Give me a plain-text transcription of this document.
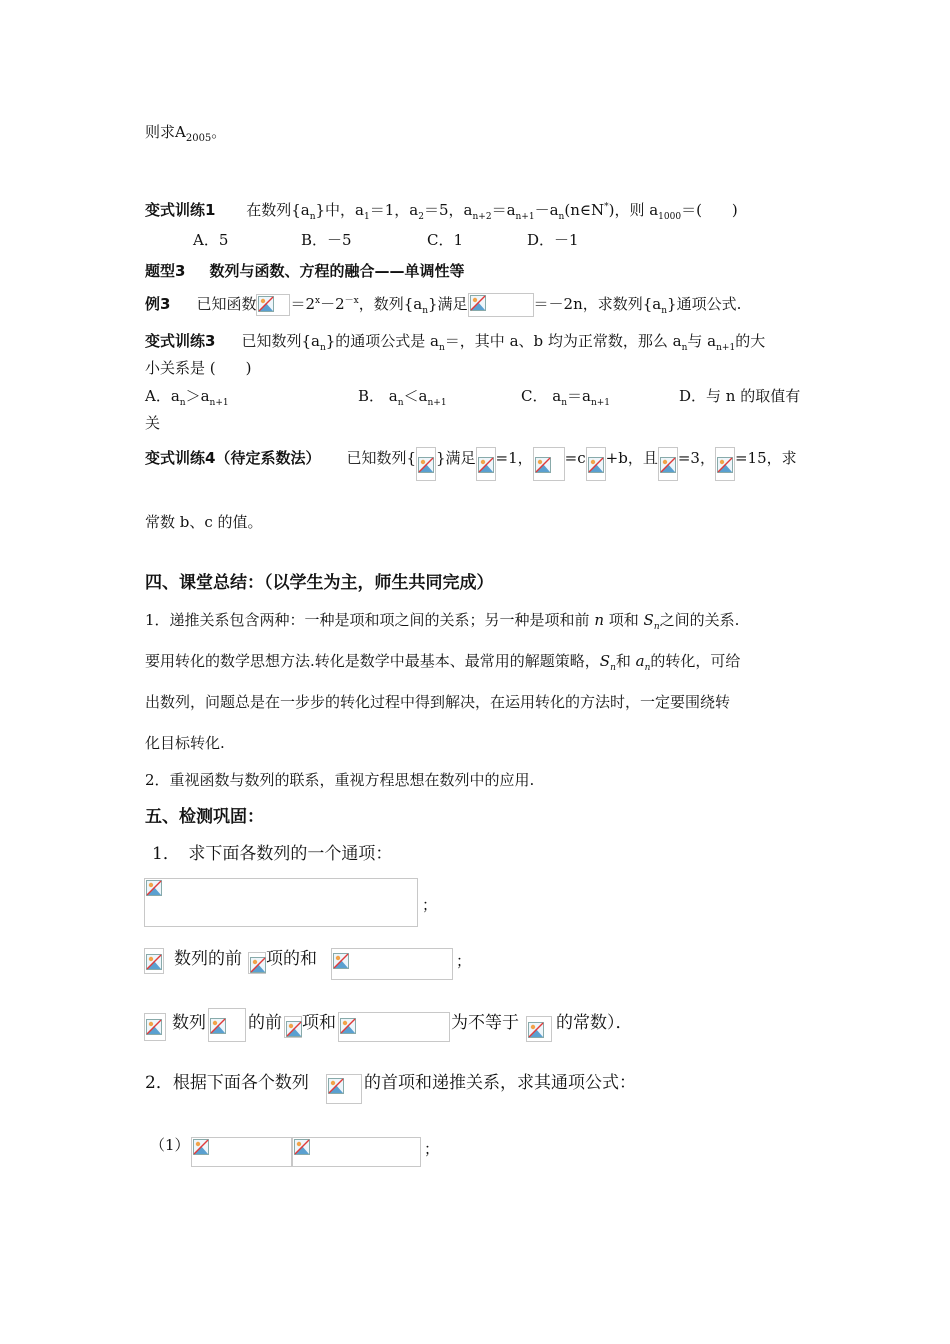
则求$A_{2005}$。
变式训练1 在数列$\{a_n\}$中，$a_1=1$，$a_2=5$，$a_{n+2}=a_{n+1}-a_n(n\in N^*)$，则 $a_{1000}=$(　　)
A．5	B．－5	C．1	D．－1
题型3 数列与函数、方程的融合——单调性等
例3 已知函数 $=2^x-2^{-x}$，数列$\{a_n\}$满足	＝－2n，求数列$\{a_n\}$通项公式.
变式训练3 已知数列$\{a_n\}$的通项公式是 $a_n=$，其中 a、b 均为正常数，那么 $a_n$与 $a_{n+1}$的大
小关系是 (　　)
A．$a_n>a_{n+1}$	B． $a_n<a_{n+1}$	C． $a_n=a_{n+1}$	D．与 n 的取值有
关
变式训练4（待定系数法） 已知数列{ }满足 =1， =c +b，且 =3， =15，求
常数 b、c 的值。
四、课堂总结：（以学生为主，师生共同完成）
1．递推关系包含两种：一种是项和项之间的关系；另一种是项和前 n 项和 $S_n$之间的关系.
要用转化的数学思想方法.转化是数学中最基本、最常用的解题策略，$S_n$和 $a_n$的转化，可给
出数列，问题总是在一步步的转化过程中得到解决，在运用转化的方法时，一定要围绕转
化目标转化.
2．重视函数与数列的联系，重视方程思想在数列中的应用.
五、检测巩固：
1．　求下面各数列的一个通项：
；
数列的前 项的和	；
数列 的前 项和	为不等于 的常数）．
2．根据下面各个数列	的首项和递推关系，求其通项公式：
（1）	；
